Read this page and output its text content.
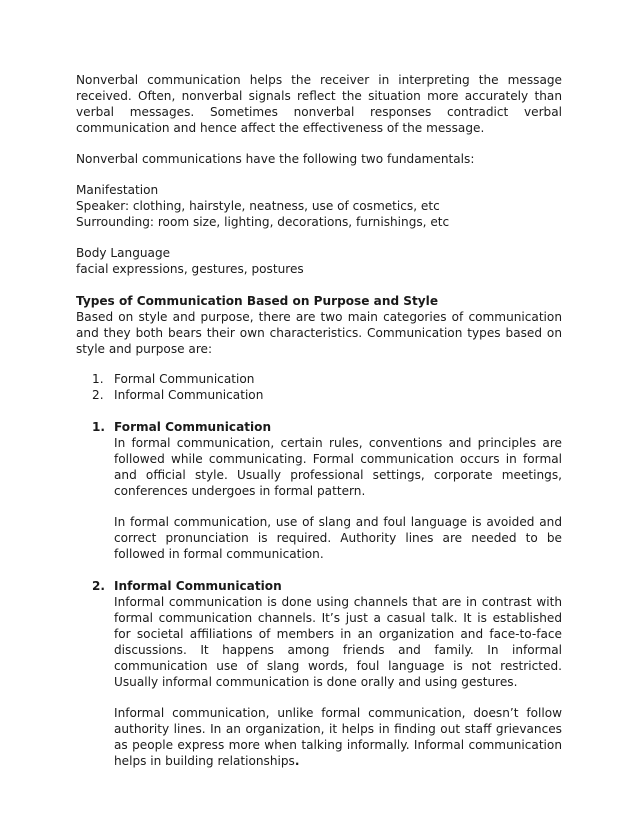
Nonverbal communication helps the receiver in interpreting the message received. Often, nonverbal signals reflect the situation more accurately than verbal messages. Sometimes nonverbal responses contradict verbal communication and hence affect the effectiveness of the message.

Nonverbal communications have the following two fundamentals:

Manifestation

Speaker: clothing, hairstyle, neatness, use of cosmetics, etc

Surrounding: room size, lighting, decorations, furnishings, etc

Body Language

facial expressions, gestures, postures

Types of Communication Based on Purpose and Style

Based on style and purpose, there are two main categories of communication and they both bears their own characteristics. Communication types based on style and purpose are:

1. Formal Communication
2. Informal Communication
1. Formal Communication

In formal communication, certain rules, conventions and principles are followed while communicating. Formal communication occurs in formal and official style. Usually professional settings, corporate meetings, conferences undergoes in formal pattern.

In formal communication, use of slang and foul language is avoided and correct pronunciation is required. Authority lines are needed to be followed in formal communication.

2. Informal Communication

Informal communication is done using channels that are in contrast with formal communication channels. It’s just a casual talk. It is established for societal affiliations of members in an organization and face-to-face discussions. It happens among friends and family. In informal communication use of slang words, foul language is not restricted. Usually informal communication is done orally and using gestures.

Informal communication, unlike formal communication, doesn’t follow authority lines. In an organization, it helps in finding out staff grievances as people express more when talking informally. Informal communication helps in building relationships.
